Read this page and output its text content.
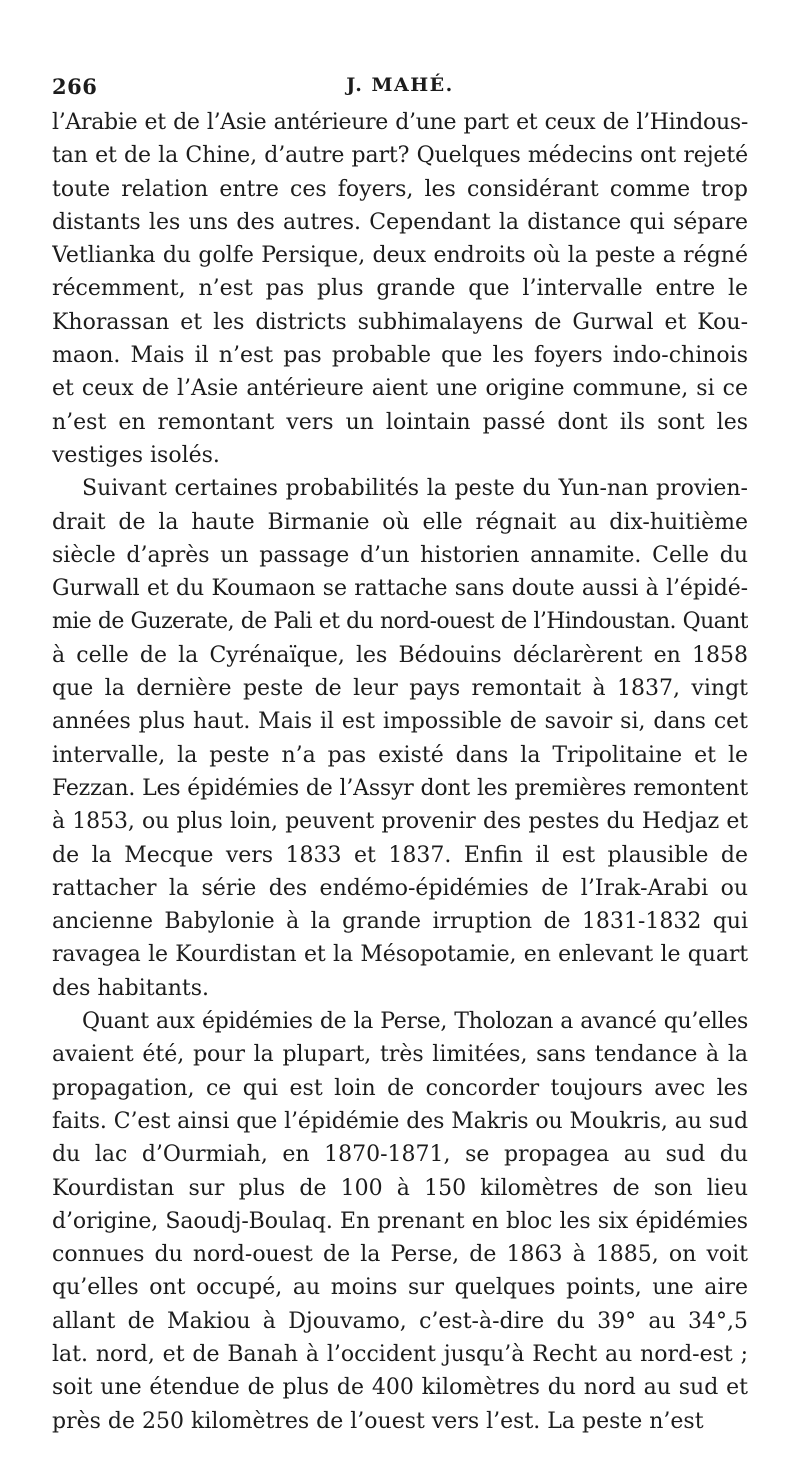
266	J. MAHÉ.
l’Arabie et de l’Asie antérieure d’une part et ceux de l’Hindous-
tan et de la Chine, d’autre part? Quelques médecins ont rejeté
toute relation entre ces foyers, les considérant comme trop
distants les uns des autres. Cependant la distance qui sépare
Vetlianka du golfe Persique, deux endroits où la peste a régné
récemment, n’est pas plus grande que l’intervalle entre le
Khorassan et les districts subhimalayens de Gurwal et Kou-
maon. Mais il n’est pas probable que les foyers indo-chinois
et ceux de l’Asie antérieure aient une origine commune, si ce
n’est en remontant vers un lointain passé dont ils sont les
vestiges isolés.
Suivant certaines probabilités la peste du Yun-nan provien-
drait de la haute Birmanie où elle régnait au dix-huitième
siècle d’après un passage d’un historien annamite. Celle du
Gurwall et du Koumaon se rattache sans doute aussi à l’épidé-
mie de Guzerate, de Pali et du nord-ouest de l’Hindoustan. Quant
à celle de la Cyrénaïque, les Bédouins déclarèrent en 1858
que la dernière peste de leur pays remontait à 1837, vingt
années plus haut. Mais il est impossible de savoir si, dans cet
intervalle, la peste n’a pas existé dans la Tripolitaine et le
Fezzan. Les épidémies de l’Assyr dont les premières remontent
à 1853, ou plus loin, peuvent provenir des pestes du Hedjaz et
de la Mecque vers 1833 et 1837. Enfin il est plausible de
rattacher la série des endémo-épidémies de l’Irak-Arabi ou
ancienne Babylonie à la grande irruption de 1831-1832 qui
ravagea le Kourdistan et la Mésopotamie, en enlevant le quart
des habitants.
Quant aux épidémies de la Perse, Tholozan a avancé qu’elles
avaient été, pour la plupart, très limitées, sans tendance à la
propagation, ce qui est loin de concorder toujours avec les
faits. C’est ainsi que l’épidémie des Makris ou Moukris, au sud
du lac d’Ourmiah, en 1870-1871, se propagea au sud du
Kourdistan sur plus de 100 à 150 kilomètres de son lieu
d’origine, Saoudj-Boulaq. En prenant en bloc les six épidémies
connues du nord-ouest de la Perse, de 1863 à 1885, on voit
qu’elles ont occupé, au moins sur quelques points, une aire
allant de Makiou à Djouvamo, c’est-à-dire du 39° au 34°,5
lat. nord, et de Banah à l’occident jusqu’à Recht au nord-est ;
soit une étendue de plus de 400 kilomètres du nord au sud et
près de 250 kilomètres de l’ouest vers l’est. La peste n’est
